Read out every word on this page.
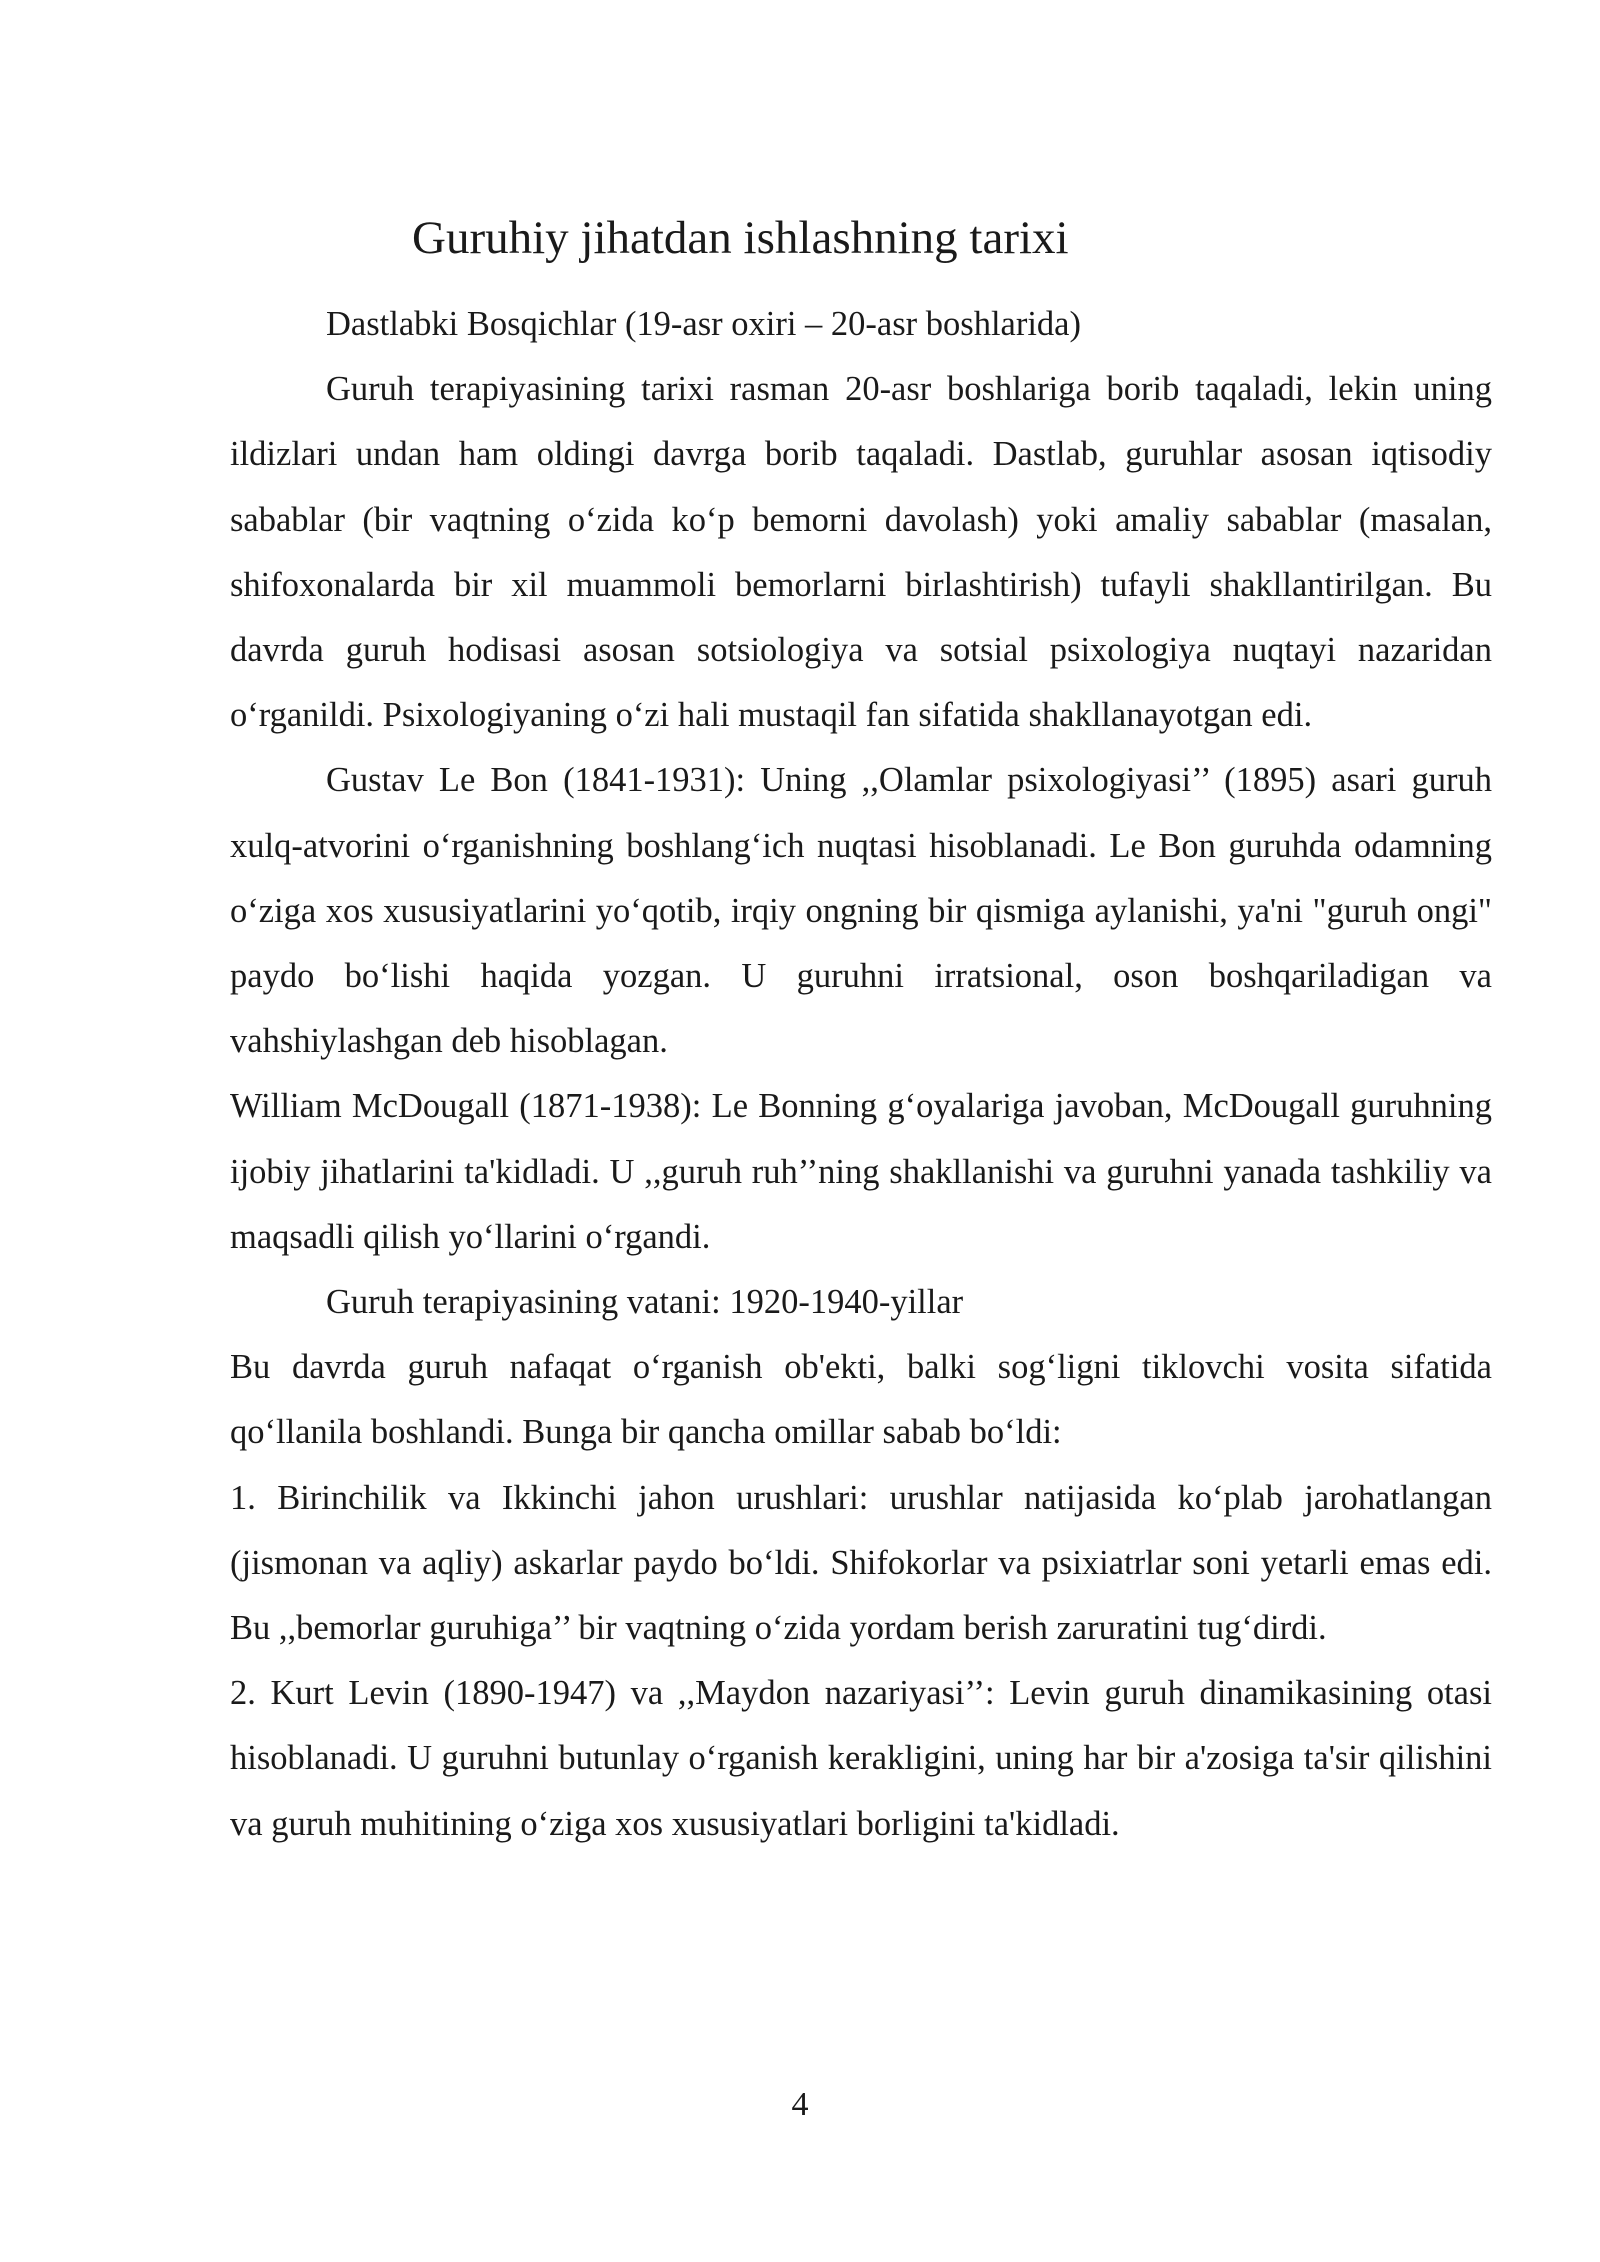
Guruhiy jihatdan ishlashning tarixi

Dastlabki Bosqichlar (19-asr oxiri – 20-asr boshlarida)

Guruh terapiyasining tarixi rasman 20-asr boshlariga borib taqaladi, lekin uning ildizlari undan ham oldingi davrga borib taqaladi. Dastlab, guruhlar asosan iqtisodiy sabablar (bir vaqtning o‘zida ko‘p bemorni davolash) yoki amaliy sabablar (masalan, shifoxonalarda bir xil muammoli bemorlarni birlashtirish) tufayli shakllantirilgan. Bu davrda guruh hodisasi asosan sotsiologiya va sotsial psixologiya nuqtayi nazaridan o‘rganildi. Psixologiyaning o‘zi hali mustaqil fan sifatida shakllanayotgan edi.

Gustav Le Bon (1841-1931): Uning ,,Olamlar psixologiyasi’’ (1895) asari guruh xulq-atvorini o‘rganishning boshlang‘ich nuqtasi hisoblanadi. Le Bon guruhda odamning o‘ziga xos xususiyatlarini yo‘qotib, irqiy ongning bir qismiga aylanishi, ya'ni "guruh ongi" paydo bo‘lishi haqida yozgan. U guruhni irratsional, oson boshqariladigan va vahshiylashgan deb hisoblagan.

William McDougall (1871-1938): Le Bonning g‘oyalariga javoban, McDougall guruhning ijobiy jihatlarini ta'kidladi. U ,,guruh ruh’’ning shakllanishi va guruhni yanada tashkiliy va maqsadli qilish yo‘llarini o‘rgandi.

Guruh terapiyasining vatani: 1920-1940-yillar

Bu davrda guruh nafaqat o‘rganish ob'ekti, balki sog‘ligni tiklovchi vosita sifatida qo‘llanila boshlandi. Bunga bir qancha omillar sabab bo‘ldi:

1. Birinchilik va Ikkinchi jahon urushlari: urushlar natijasida ko‘plab jarohatlangan (jismonan va aqliy) askarlar paydo bo‘ldi. Shifokorlar va psixiatrlar soni yetarli emas edi. Bu ,,bemorlar guruhiga’’ bir vaqtning o‘zida yordam berish zaruratini tug‘dirdi.

2. Kurt Levin (1890-1947) va ,,Maydon nazariyasi’’: Levin guruh dinamikasining otasi hisoblanadi. U guruhni butunlay o‘rganish kerakligini, uning har bir a'zosiga ta'sir qilishini va guruh muhitining o‘ziga xos xususiyatlari borligini ta'kidladi.

4
